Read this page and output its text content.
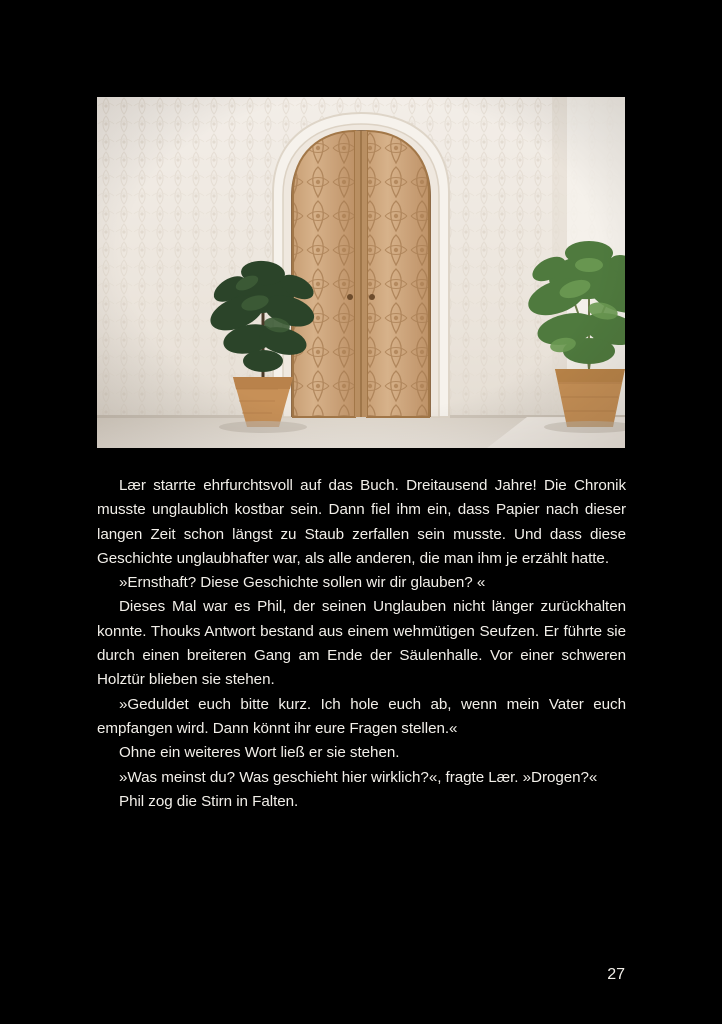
Lær starrte ehrfurchtsvoll auf das Buch. Dreitausend Jahre! Die Chronik musste unglaublich kostbar sein. Dann fiel ihm ein, dass Papier nach dieser langen Zeit schon längst zu Staub zerfallen sein musste. Und dass diese Geschichte unglaubhafter war, als alle anderen, die man ihm je erzählt hatte.

»Ernsthaft? Diese Geschichte sollen wir dir glauben? «

Dieses Mal war es Phil, der seinen Unglauben nicht länger zurückhalten konnte. Thouks Antwort bestand aus einem wehmütigen Seufzen. Er führte sie durch einen breiteren Gang am Ende der Säulenhalle. Vor einer schweren Holztür blieben sie stehen.

»Geduldet euch bitte kurz. Ich hole euch ab, wenn mein Vater euch empfangen wird. Dann könnt ihr eure Fragen stellen.«

Ohne ein weiteres Wort ließ er sie stehen.

»Was meinst du? Was geschieht hier wirklich?«, fragte Lær. »Drogen?«

Phil zog die Stirn in Falten.

27
